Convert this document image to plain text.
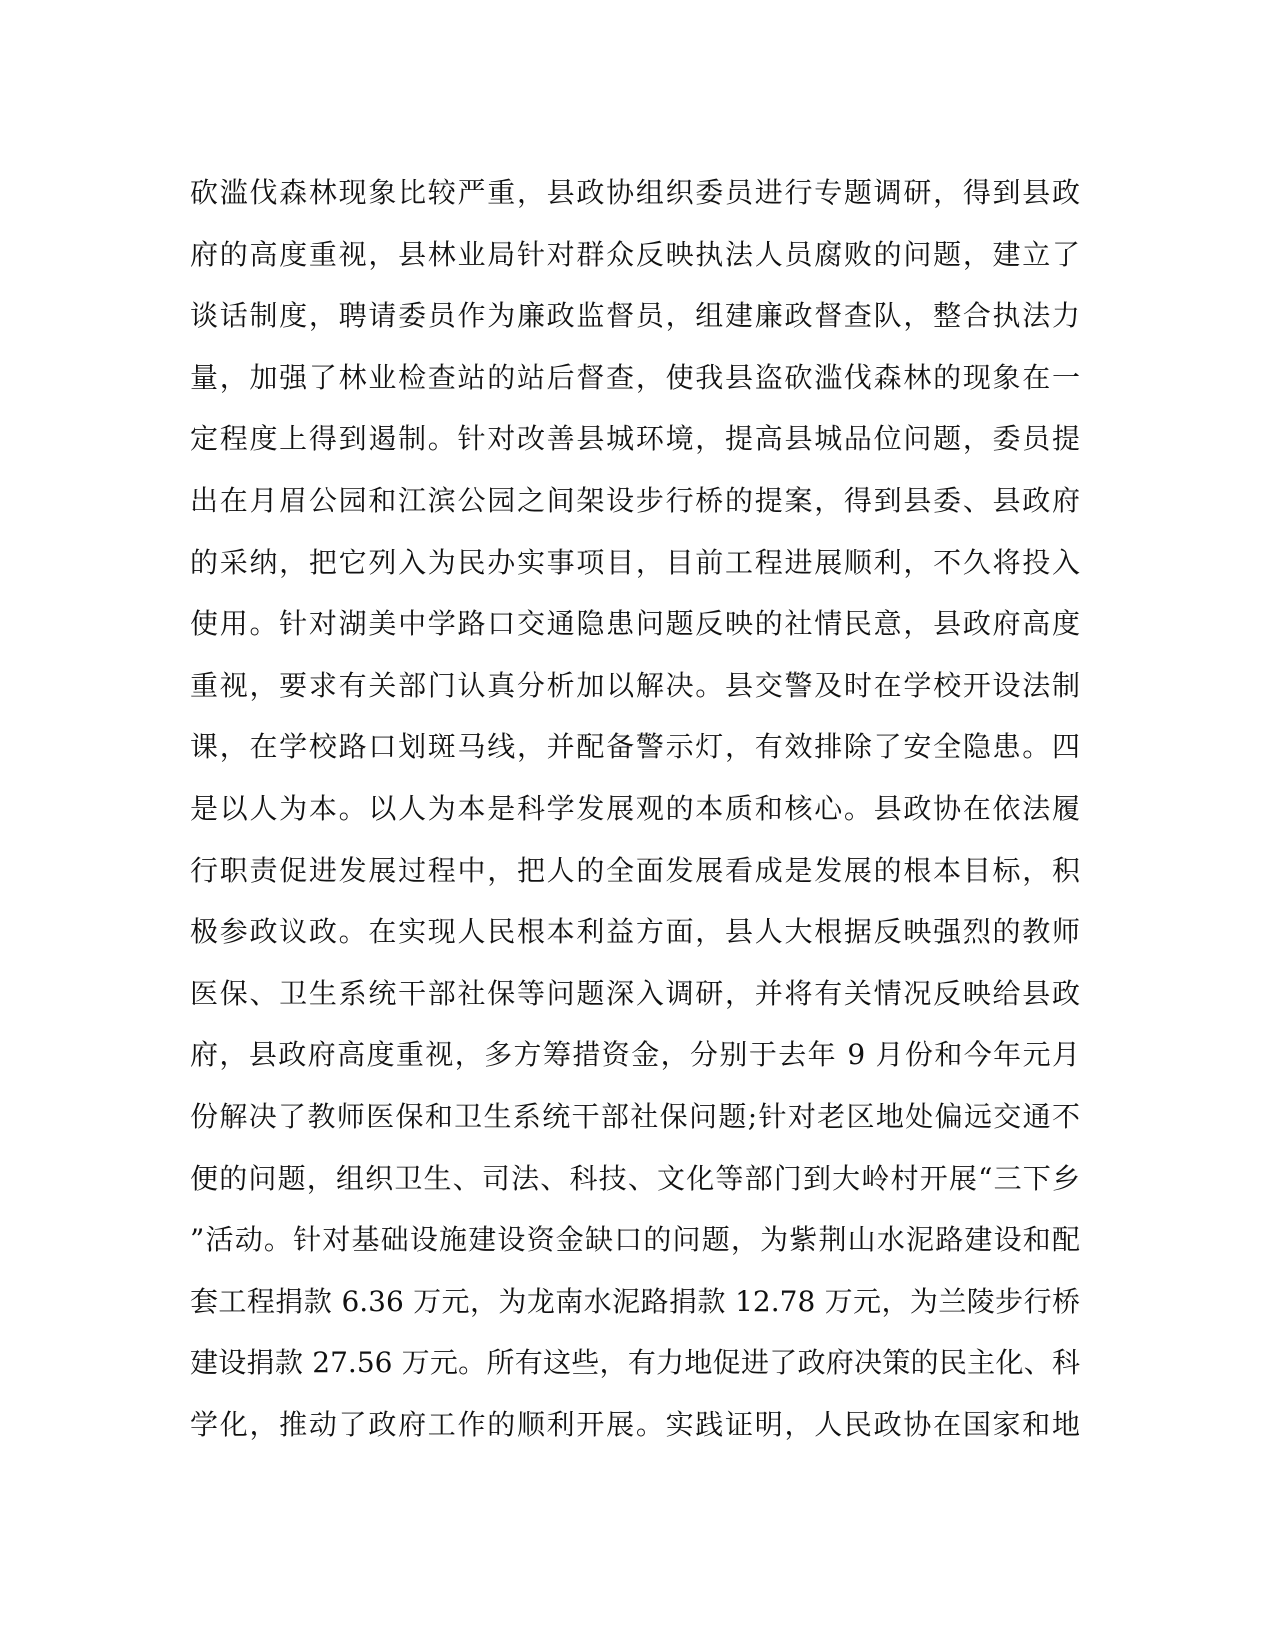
砍滥伐森林现象比较严重，县政协组织委员进行专题调研，得到县政
府的高度重视，县林业局针对群众反映执法人员腐败的问题，建立了
谈话制度，聘请委员作为廉政监督员，组建廉政督查队，整合执法力
量，加强了林业检查站的站后督查，使我县盗砍滥伐森林的现象在一
定程度上得到遏制。针对改善县城环境，提高县城品位问题，委员提
出在月眉公园和江滨公园之间架设步行桥的提案，得到县委、县政府
的采纳，把它列入为民办实事项目，目前工程进展顺利，不久将投入
使用。针对湖美中学路口交通隐患问题反映的社情民意，县政府高度
重视，要求有关部门认真分析加以解决。县交警及时在学校开设法制
课，在学校路口划斑马线，并配备警示灯，有效排除了安全隐患。四
是以人为本。以人为本是科学发展观的本质和核心。县政协在依法履
行职责促进发展过程中，把人的全面发展看成是发展的根本目标，积
极参政议政。在实现人民根本利益方面，县人大根据反映强烈的教师
医保、卫生系统干部社保等问题深入调研，并将有关情况反映给县政
府，县政府高度重视，多方筹措资金，分别于去年 9 月份和今年元月
份解决了教师医保和卫生系统干部社保问题;针对老区地处偏远交通不
便的问题，组织卫生、司法、科技、文化等部门到大岭村开展“三下乡
”活动。针对基础设施建设资金缺口的问题，为紫荆山水泥路建设和配
套工程捐款 6.36 万元，为龙南水泥路捐款 12.78 万元，为兰陵步行桥
建设捐款 27.56 万元。所有这些，有力地促进了政府决策的民主化、科
学化，推动了政府工作的顺利开展。实践证明，人民政协在国家和地
